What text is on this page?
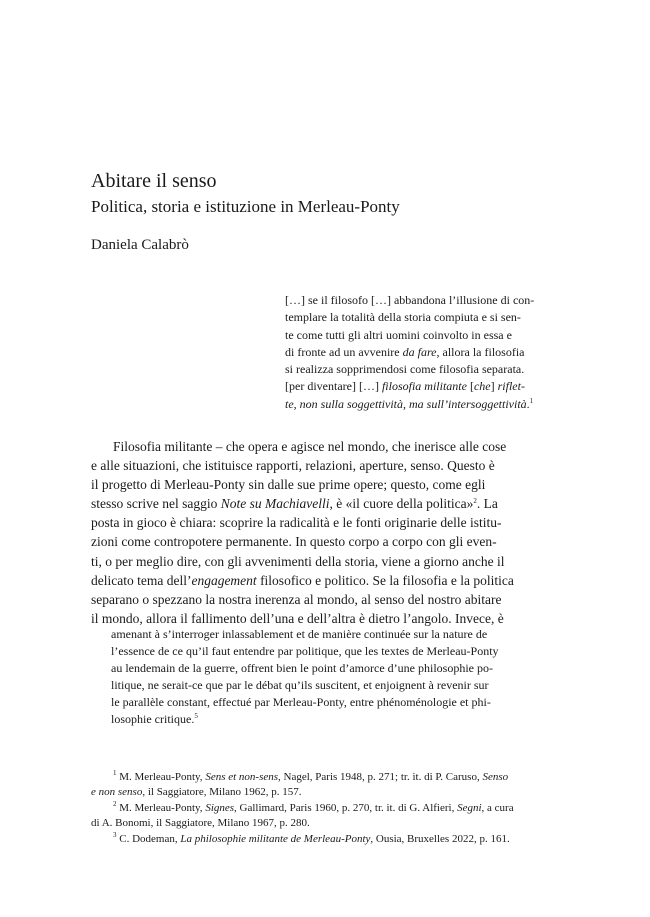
Abitare il senso
Politica, storia e istituzione in Merleau-Ponty
Daniela Calabrò
[…] se il filosofo […] abbandona l’illusione di con-
templare la totalità della storia compiuta e si sen-
te come tutti gli altri uomini coinvolto in essa e
di fronte ad un avvenire da fare, allora la filosofia
si realizza sopprimendosi come filosofia separata.
[per diventare] […] filosofia militante [che] riflet-
te, non sulla soggettività, ma sull’intersoggettività.$^1$
Filosofia militante – che opera e agisce nel mondo, che inerisce alle cose
e alle situazioni, che istituisce rapporti, relazioni, aperture, senso. Questo è
il progetto di Merleau-Ponty sin dalle sue prime opere; questo, come egli
stesso scrive nel saggio Note su Machiavelli, è «il cuore della politica»$^2$. La
posta in gioco è chiara: scoprire la radicalità e le fonti originarie delle istitu-
zioni come contropotere permanente. In questo corpo a corpo con gli even-
ti, o per meglio dire, con gli avvenimenti della storia, viene a giorno anche il
delicato tema dell’engagement filosofico e politico. Se la filosofia e la politica
separano o spezzano la nostra inerenza al mondo, al senso del nostro abitare
il mondo, allora il fallimento dell’una e dell’altra è dietro l’angolo. Invece, è
amenant à s’interroger inlassablement et de manière continuée sur la nature de
l’essence de ce qu’il faut entendre par politique, que les textes de Merleau-Ponty
au lendemain de la guerre, offrent bien le point d’amorce d’une philosophie po-
litique, ne serait-ce que par le débat qu’ils suscitent, et enjoignent à revenir sur
le parallèle constant, effectué par Merleau-Ponty, entre phénoménologie et phi-
losophie critique.$^5$
$^1$ M. Merleau-Ponty, Sens et non-sens, Nagel, Paris 1948, p. 271; tr. it. di P. Caruso, Senso
e non senso, il Saggiatore, Milano 1962, p. 157.
$^2$ M. Merleau-Ponty, Signes, Gallimard, Paris 1960, p. 270, tr. it. di G. Alfieri, Segni, a cura
di A. Bonomi, il Saggiatore, Milano 1967, p. 280.
$^3$ C. Dodeman, La philosophie militante de Merleau-Ponty, Ousia, Bruxelles 2022, p. 161.
